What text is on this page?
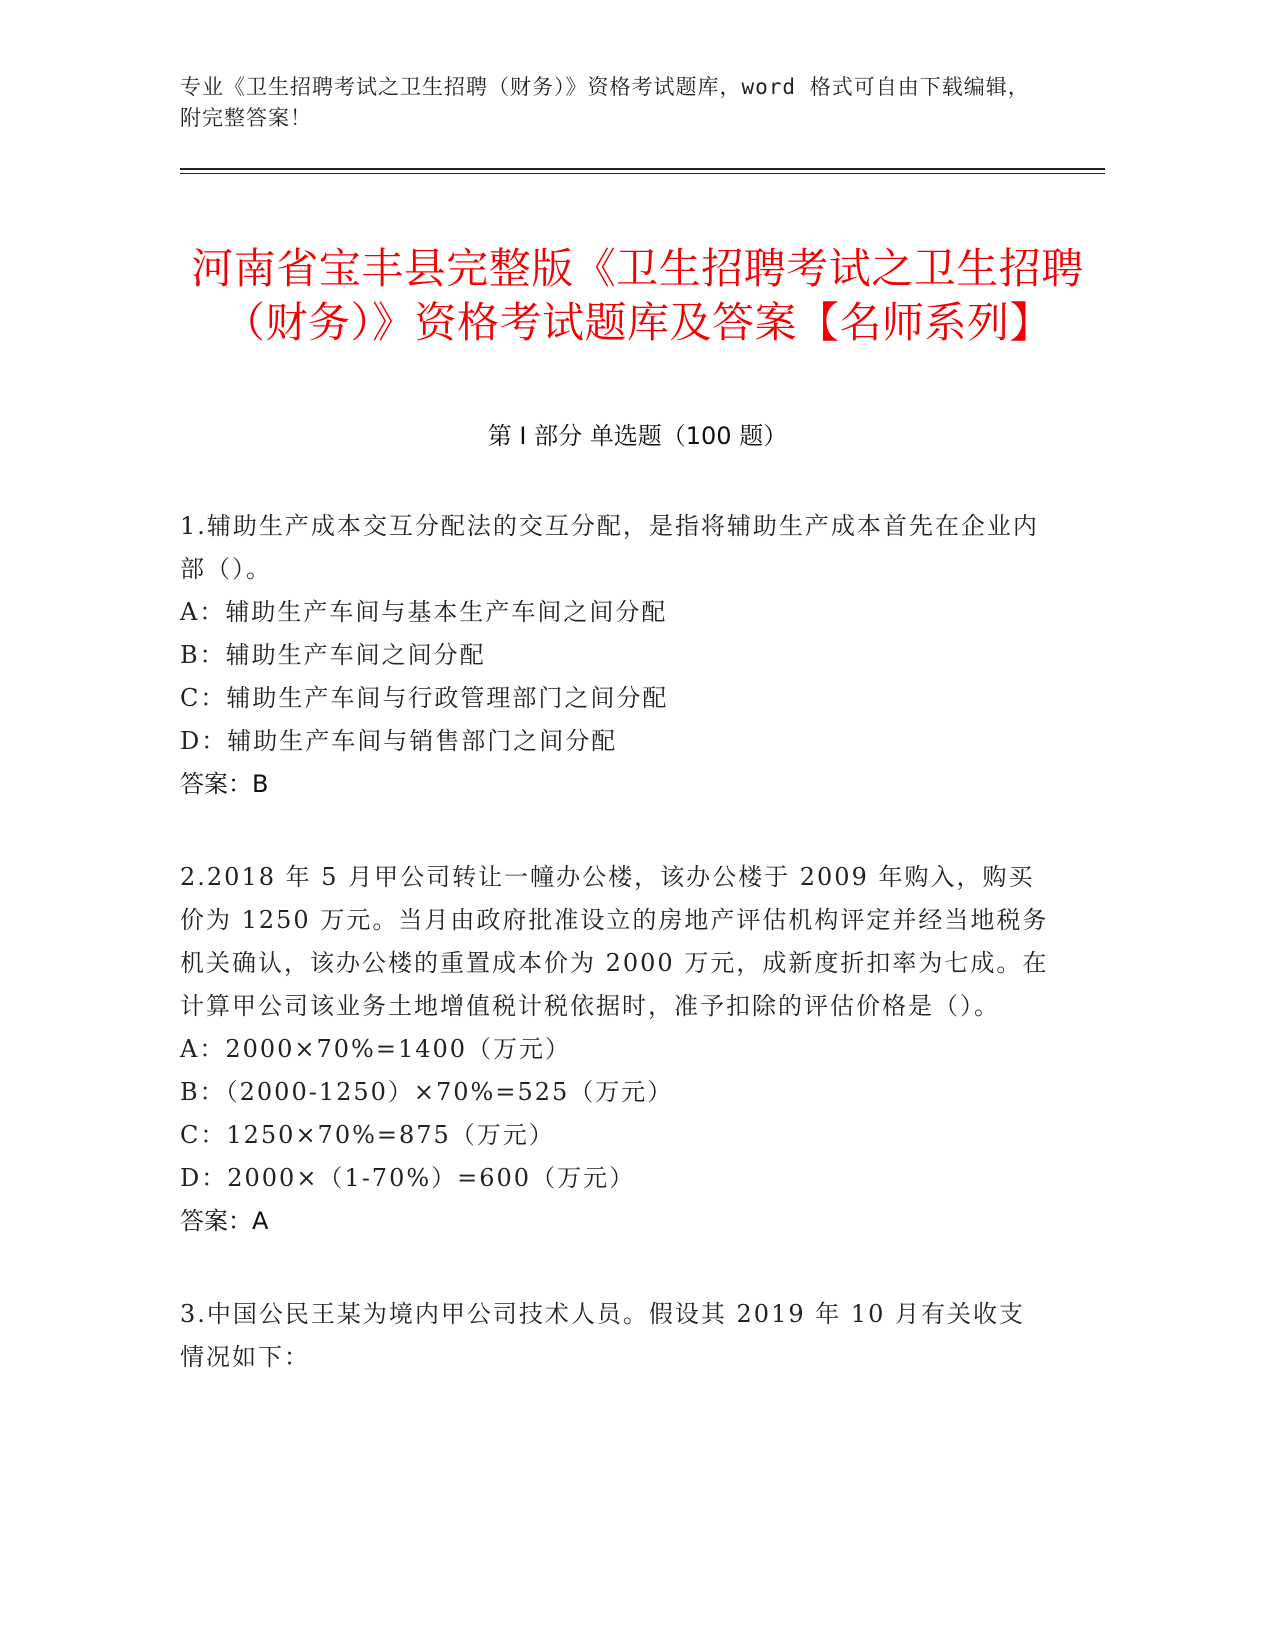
专业《卫生招聘考试之卫生招聘（财务）》资格考试题库，word 格式可自由下载编辑，附完整答案！
河南省宝丰县完整版《卫生招聘考试之卫生招聘（财务）》资格考试题库及答案【名师系列】
第 I 部分 单选题（100 题）

1.辅助生产成本交互分配法的交互分配，是指将辅助生产成本首先在企业内部（）。

A：辅助生产车间与基本生产车间之间分配

B：辅助生产车间之间分配

C：辅助生产车间与行政管理部门之间分配

D：辅助生产车间与销售部门之间分配

答案：B

2.2018 年 5 月甲公司转让一幢办公楼，该办公楼于 2009 年购入，购买价为 1250 万元。当月由政府批准设立的房地产评估机构评定并经当地税务机关确认，该办公楼的重置成本价为 2000 万元，成新度折扣率为七成。在计算甲公司该业务土地增值税计税依据时，准予扣除的评估价格是（）。

A：2000×70%=1400（万元）

B：（2000-1250）×70%=525（万元）

C：1250×70%=875（万元）

D：2000×（1-70%）=600（万元）

答案：A

3.中国公民王某为境内甲公司技术人员。假设其 2019 年 10 月有关收支情况如下：
